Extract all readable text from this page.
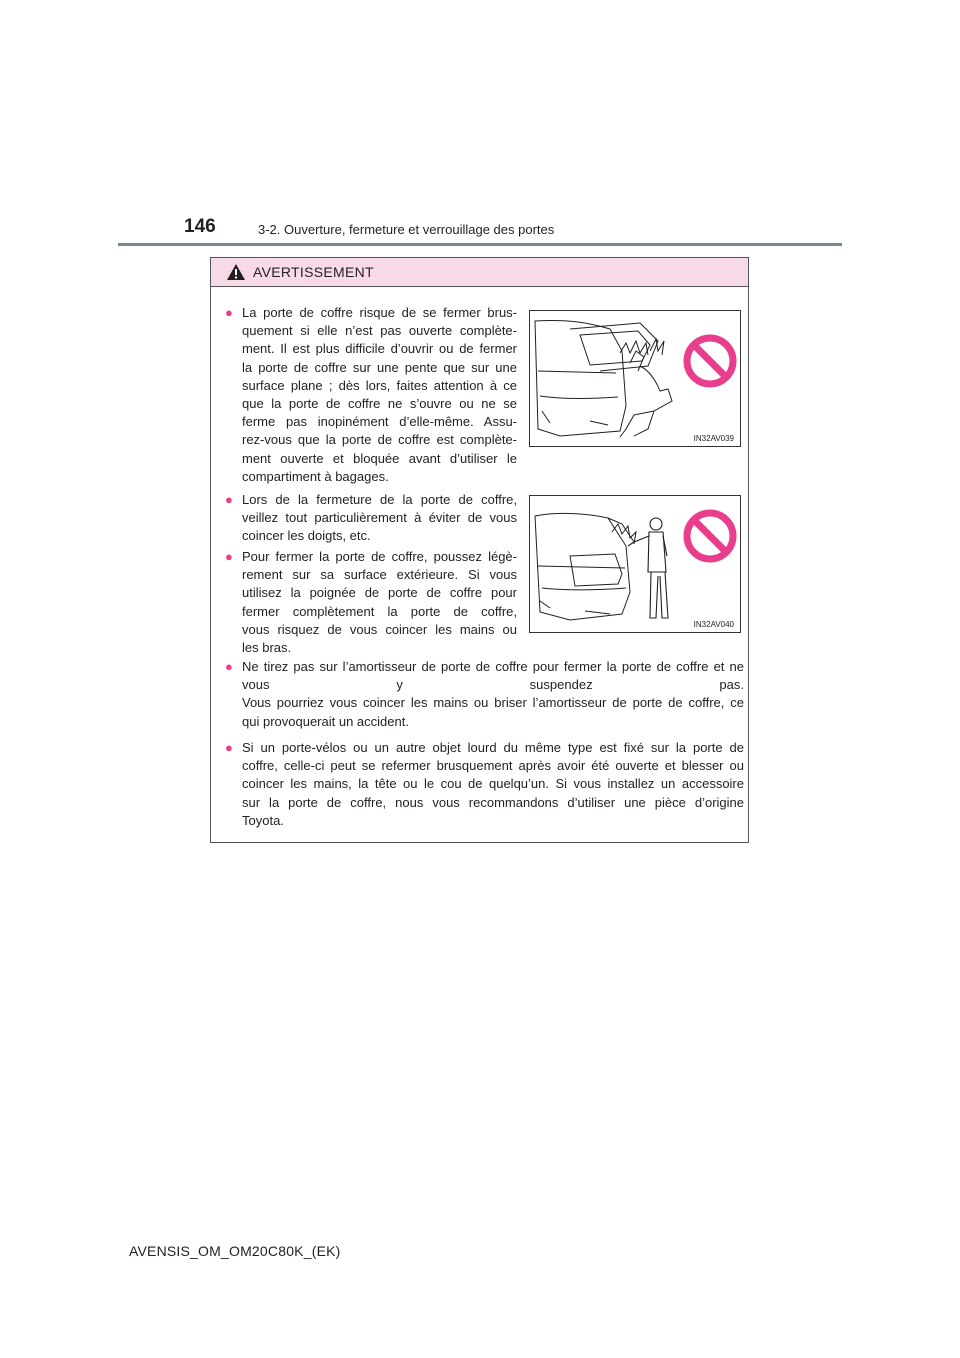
146	3-2. Ouverture, fermeture et verrouillage des portes
AVERTISSEMENT
● La porte de coffre risque de se fermer brus-
quement si elle n’est pas ouverte complète-
ment. Il est plus difficile d’ouvrir ou de fermer
la porte de coffre sur une pente que sur une
surface plane ; dès lors, faites attention à ce
que la porte de coffre ne s’ouvre ou ne se
ferme pas inopinément d’elle-même. Assu-
rez-vous que la porte de coffre est complète-
ment ouverte et bloquée avant d’utiliser le
compartiment à bagages.
IN32AV039
● Lors de la fermeture de la porte de coffre,
veillez tout particulièrement à éviter de vous
coincer les doigts, etc.
● Pour fermer la porte de coffre, poussez légè-
rement sur sa surface extérieure. Si vous
utilisez la poignée de porte de coffre pour
fermer complètement la porte de coffre,
vous risquez de vous coincer les mains ou
les bras.
IN32AV040
● Ne tirez pas sur l’amortisseur de porte de coffre pour fermer la porte de coffre et ne
vous y suspendez pas.
Vous pourriez vous coincer les mains ou briser l’amortisseur de porte de coffre, ce
qui provoquerait un accident.
● Si un porte-vélos ou un autre objet lourd du même type est fixé sur la porte de
coffre, celle-ci peut se refermer brusquement après avoir été ouverte et blesser ou
coincer les mains, la tête ou le cou de quelqu’un. Si vous installez un accessoire
sur la porte de coffre, nous vous recommandons d’utiliser une pièce d’origine
Toyota.
AVENSIS_OM_OM20C80K_(EK)
